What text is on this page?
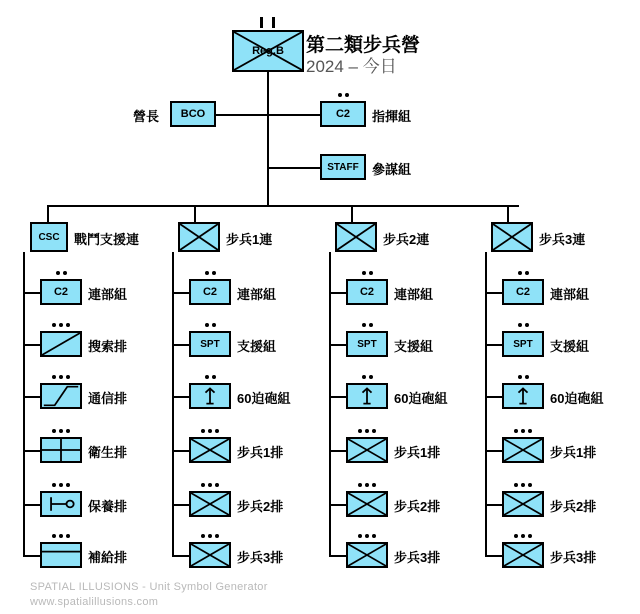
第二類步兵營
2024 – 今日
Reg.B
BCO
營長	C2	指揮組
STAFF	參謀組
CSC	戰鬥支援連
C2	連部組
搜索排
通信排
衛生排
保養排
補給排
步兵1連
C2	連部組
SPT	支援組
60迫砲組
步兵1排
步兵2排
步兵3排
步兵2連
C2	連部組
SPT	支援組
60迫砲組
步兵1排
步兵2排
步兵3排
步兵3連
C2	連部組
SPT	支援組
60迫砲組
步兵1排
步兵2排
步兵3排
SPATIAL ILLUSIONS - Unit Symbol Generator
www.spatialillusions.com
